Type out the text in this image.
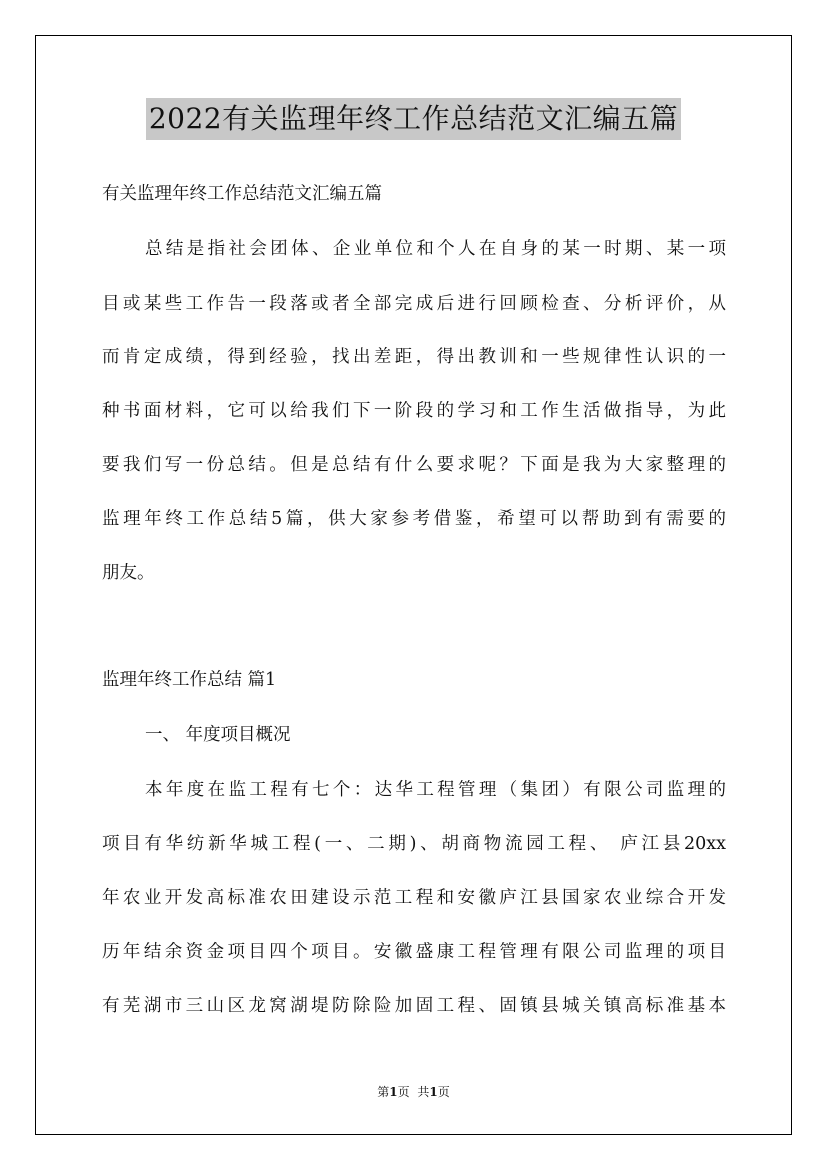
2022有关监理年终工作总结范文汇编五篇
有关监理年终工作总结范文汇编五篇
总结是指社会团体、企业单位和个人在自身的某一时期、某一项
目或某些工作告一段落或者全部完成后进行回顾检查、分析评价，从
而肯定成绩，得到经验，找出差距，得出教训和一些规律性认识的一
种书面材料，它可以给我们下一阶段的学习和工作生活做指导，为此
要我们写一份总结。但是总结有什么要求呢？下面是我为大家整理的
监理年终工作总结5篇，供大家参考借鉴，希望可以帮助到有需要的
朋友。
监理年终工作总结 篇1
一、 年度项目概况
本年度在监工程有七个：达华工程管理（集团）有限公司监理的
项目有华纺新华城工程(一、二期)、胡商物流园工程、 庐江县20xx
年农业开发高标准农田建设示范工程和安徽庐江县国家农业综合开发
历年结余资金项目四个项目。安徽盛康工程管理有限公司监理的项目
有芜湖市三山区龙窝湖堤防除险加固工程、固镇县城关镇高标准基本
第1页 共1页
